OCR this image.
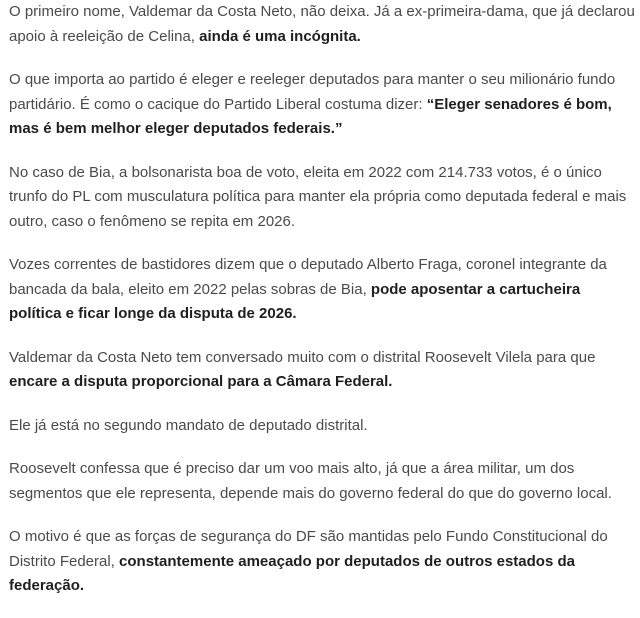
O primeiro nome, Valdemar da Costa Neto, não deixa. Já a ex-primeira-dama, que já declarou apoio à reeleição de Celina, ainda é uma incógnita.

O que importa ao partido é eleger e reeleger deputados para manter o seu milionário fundo partidário. É como o cacique do Partido Liberal costuma dizer: “Eleger senadores é bom, mas é bem melhor eleger deputados federais.”

No caso de Bia, a bolsonarista boa de voto, eleita em 2022 com 214.733 votos, é o único trunfo do PL com musculatura política para manter ela própria como deputada federal e mais outro, caso o fenômeno se repita em 2026.

Vozes correntes de bastidores dizem que o deputado Alberto Fraga, coronel integrante da bancada da bala, eleito em 2022 pelas sobras de Bia, pode aposentar a cartucheira política e ficar longe da disputa de 2026.

Valdemar da Costa Neto tem conversado muito com o distrital Roosevelt Vilela para que encare a disputa proporcional para a Câmara Federal.

Ele já está no segundo mandato de deputado distrital.

Roosevelt confessa que é preciso dar um voo mais alto, já que a área militar, um dos segmentos que ele representa, depende mais do governo federal do que do governo local.

O motivo é que as forças de segurança do DF são mantidas pelo Fundo Constitucional do Distrito Federal, constantemente ameaçado por deputados de outros estados da federação.
